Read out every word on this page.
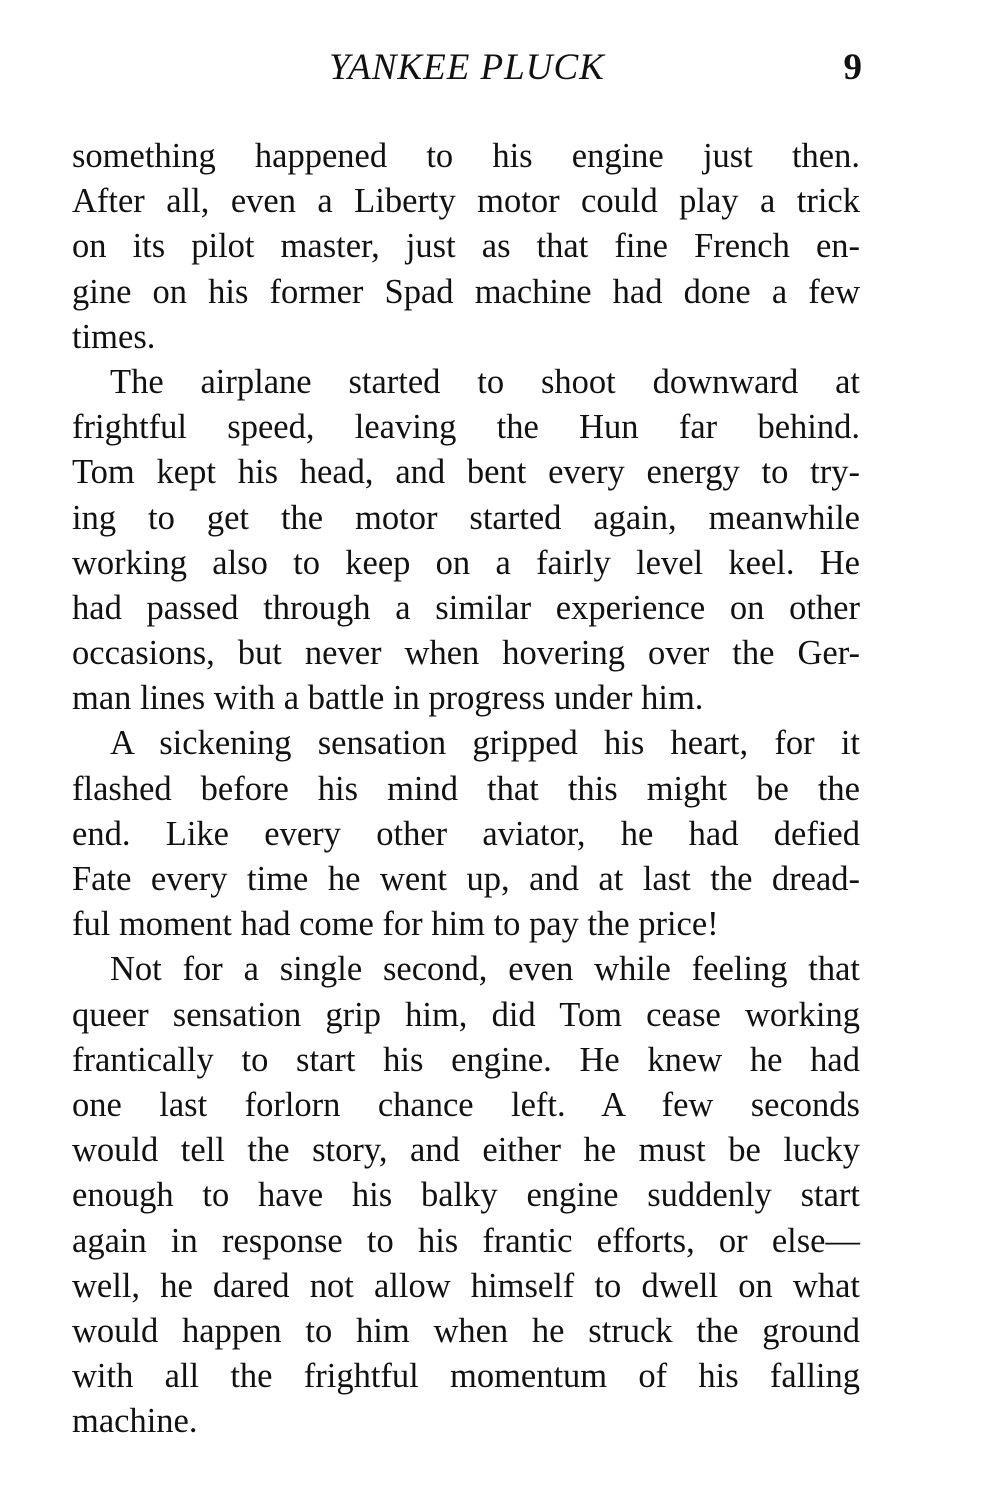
YANKEE PLUCK	9

something happened to his engine just then.
After all, even a Liberty motor could play a trick
on its pilot master, just as that fine French en-
gine on his former Spad machine had done a few
times.

The airplane started to shoot downward at
frightful speed, leaving the Hun far behind.
Tom kept his head, and bent every energy to try-
ing to get the motor started again, meanwhile
working also to keep on a fairly level keel. He
had passed through a similar experience on other
occasions, but never when hovering over the Ger-
man lines with a battle in progress under him.

A sickening sensation gripped his heart, for it
flashed before his mind that this might be the
end. Like every other aviator, he had defied
Fate every time he went up, and at last the dread-
ful moment had come for him to pay the price!

Not for a single second, even while feeling that
queer sensation grip him, did Tom cease working
frantically to start his engine. He knew he had
one last forlorn chance left. A few seconds
would tell the story, and either he must be lucky
enough to have his balky engine suddenly start
again in response to his frantic efforts, or else—
well, he dared not allow himself to dwell on what
would happen to him when he struck the ground
with all the frightful momentum of his falling
machine.
